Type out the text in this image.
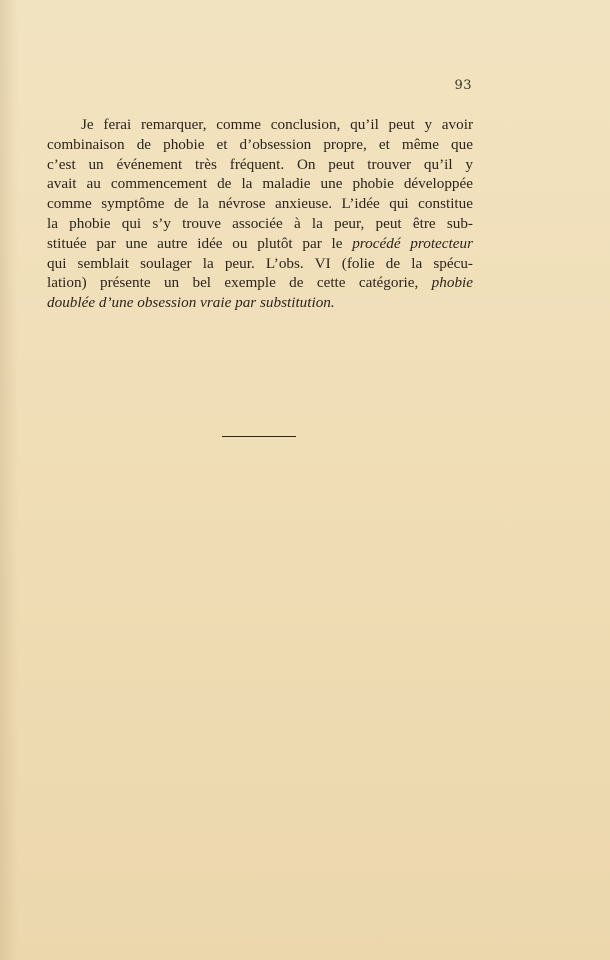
93
Je ferai remarquer, comme conclusion, qu’il peut y avoir
combinaison de phobie et d’obsession propre, et même que
c’est un événement très fréquent. On peut trouver qu’il y
avait au commencement de la maladie une phobie développée
comme symptôme de la névrose anxieuse. L’idée qui constitue
la phobie qui s’y trouve associée à la peur, peut être sub-
stituée par une autre idée ou plutôt par le procédé protecteur
qui semblait soulager la peur. L’obs. VI (folie de la spécu-
lation) présente un bel exemple de cette catégorie, phobie
doublée d’une obsession vraie par substitution.
